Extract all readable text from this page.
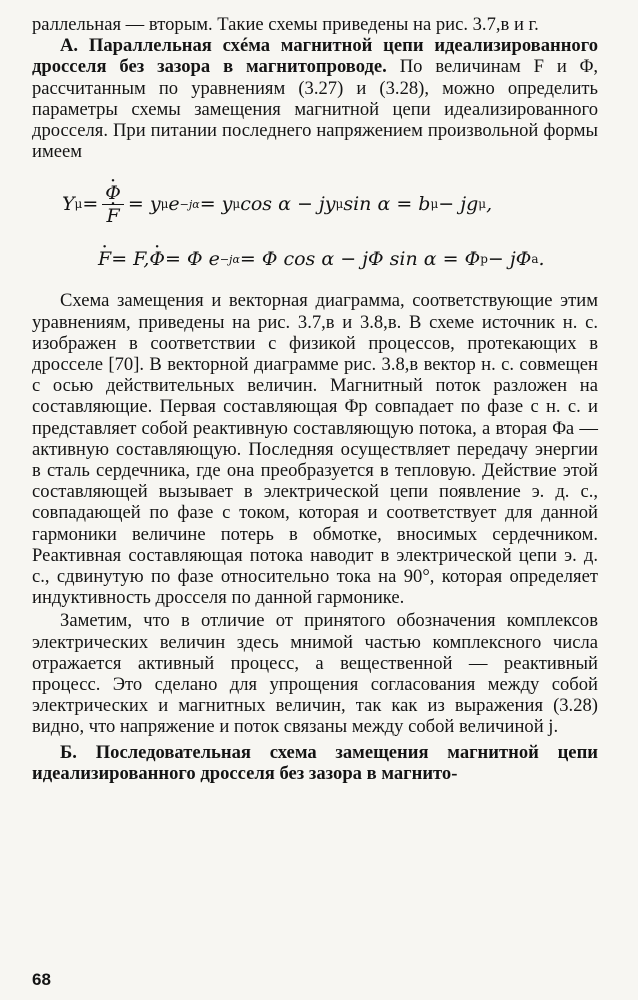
раллельная — вторым. Такие схемы приведены на рис. 3.7,в и г.

А. Параллельная схéма магнитной цепи идеализированного дросселя без зазора в магнитопроводе. По величинам F и Φ, рассчитанным по уравнениям (3.27) и (3.28), можно определить параметры схемы замещения магнитной цепи идеализированного дросселя. При питании последнего напряжением произвольной формы имеем

Y μ = · Φ
· F = y μ e −jα = y μ cos α − jy μ sin α = b μ − jg μ ,
· F = F, · Φ = Φ e −jα = Φ cos α − jΦ sin α = Φ р − jΦ а .

Схема замещения и векторная диаграмма, соответствующие этим уравнениям, приведены на рис. 3.7,в и 3.8,в. В схеме источник н. с. изображен в соответствии с физикой процессов, протекающих в дросселе [70]. В векторной диаграмме рис. 3.8,в вектор н. с. совмещен с осью действительных величин. Магнитный поток разложен на составляющие. Первая составляющая Φр совпадает по фазе с н. с. и представляет собой реактивную составляющую потока, а вторая Φа — активную составляющую. Последняя осуществляет передачу энергии в сталь сердечника, где она преобразуется в тепловую. Действие этой составляющей вызывает в электрической цепи появление э. д. с., совпадающей по фазе с током, которая и соответствует для данной гармоники величине потерь в обмотке, вносимых сердечником. Реактивная составляющая потока наводит в электрической цепи э. д. с., сдвинутую по фазе относительно тока на 90°, которая определяет индуктивность дросселя по данной гармонике.

Заметим, что в отличие от принятого обозначения комплексов электрических величин здесь мнимой частью комплексного числа отражается активный процесс, а вещественной — реактивный процесс. Это сделано для упрощения согласования между собой электрических и магнитных величин, так как из выражения (3.28) видно, что напряжение и поток связаны между собой величиной j.

Б. Последовательная схема замещения магнитной цепи идеализированного дросселя без зазора в магнито-

68
